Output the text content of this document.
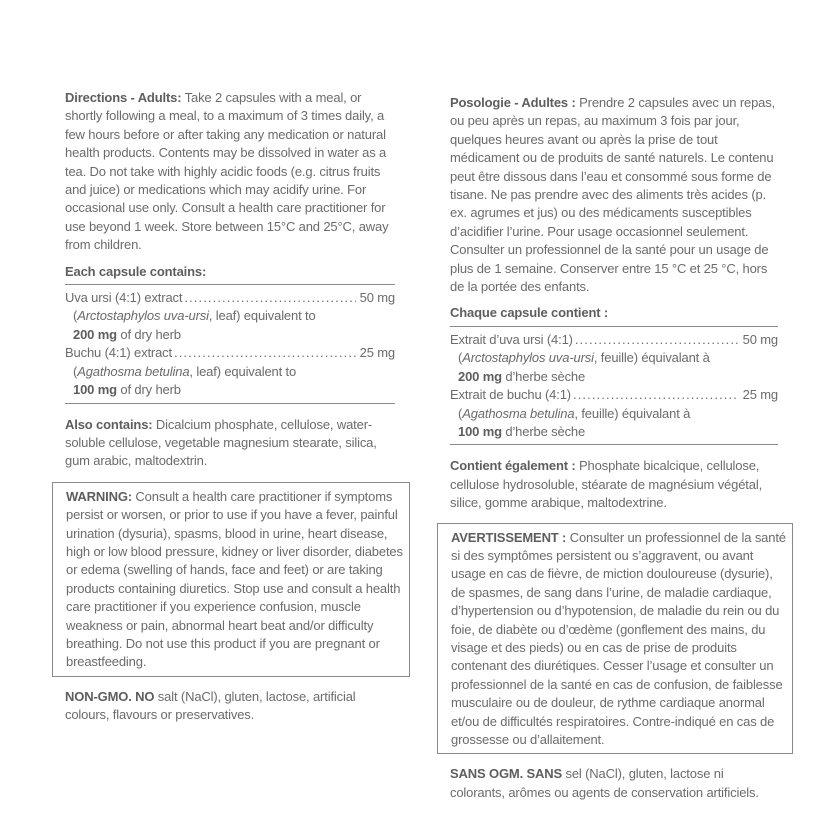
Directions - Adults: Take 2 capsules with a meal, or shortly following a meal, to a maximum of 3 times daily, a few hours before or after taking any medication or natural health products. Contents may be dissolved in water as a tea. Do not take with highly acidic foods (e.g. citrus fruits and juice) or medications which may acidify urine. For occasional use only. Consult a health care practitioner for use beyond 1 week. Store between 15°C and 25°C, away from children.

Each capsule contains:
Uva ursi (4:1) extract .....	50 mg
(Arctostaphylos uva-ursi, leaf) equivalent to
200 mg of dry herb
Buchu (4:1) extract .....	25 mg
(Agathosma betulina, leaf) equivalent to
100 mg of dry herb

Also contains: Dicalcium phosphate, cellulose, water-soluble cellulose, vegetable magnesium stearate, silica, gum arabic, maltodextrin.

WARNING: Consult a health care practitioner if symptoms persist or worsen, or prior to use if you have a fever, painful urination (dysuria), spasms, blood in urine, heart disease, high or low blood pressure, kidney or liver disorder, diabetes or edema (swelling of hands, face and feet) or are taking products containing diuretics. Stop use and consult a health care practitioner if you experience confusion, muscle weakness or pain, abnormal heart beat and/or difficulty breathing. Do not use this product if you are pregnant or breastfeeding.

NON-GMO. NO salt (NaCl), gluten, lactose, artificial colours, flavours or preservatives.

Posologie - Adultes : Prendre 2 capsules avec un repas, ou peu après un repas, au maximum 3 fois par jour, quelques heures avant ou après la prise de tout médicament ou de produits de santé naturels. Le contenu peut être dissous dans l’eau et consommé sous forme de tisane. Ne pas prendre avec des aliments très acides (p. ex. agrumes et jus) ou des médicaments susceptibles d’acidifier l’urine. Pour usage occasionnel seulement. Consulter un professionnel de la santé pour un usage de plus de 1 semaine. Conserver entre 15 °C et 25 °C, hors de la portée des enfants.

Chaque capsule contient :
Extrait d’uva ursi (4:1) .....	50 mg
(Arctostaphylos uva-ursi, feuille) équivalant à
200 mg d’herbe sèche
Extrait de buchu (4:1) .....	25 mg
(Agathosma betulina, feuille) équivalant à
100 mg d’herbe sèche

Contient également : Phosphate bicalcique, cellulose, cellulose hydrosoluble, stéarate de magnésium végétal, silice, gomme arabique, maltodextrine.

AVERTISSEMENT : Consulter un professionnel de la santé si des symptômes persistent ou s’aggravent, ou avant usage en cas de fièvre, de miction douloureuse (dysurie), de spasmes, de sang dans l’urine, de maladie cardiaque, d’hypertension ou d’hypotension, de maladie du rein ou du foie, de diabète ou d’œdème (gonflement des mains, du visage et des pieds) ou en cas de prise de produits contenant des diurétiques. Cesser l’usage et consulter un professionnel de la santé en cas de confusion, de faiblesse musculaire ou de douleur, de rythme cardiaque anormal et/ou de difficultés respiratoires. Contre-indiqué en cas de grossesse ou d’allaitement.

SANS OGM. SANS sel (NaCl), gluten, lactose ni colorants, arômes ou agents de conservation artificiels.
